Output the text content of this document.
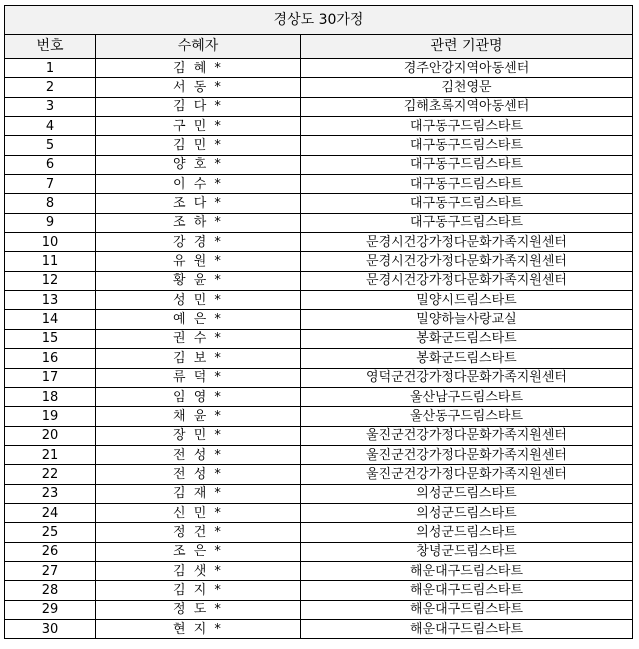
경상도 30가정		
번호	수혜자	관련 기관명
1	김 혜 *	경주안강지역아동센터
2	서 동 *	김천영문
3	김 다 *	김해초록지역아동센터
4	구 민 *	대구동구드림스타트
5	김 민 *	대구동구드림스타트
6	양 호 *	대구동구드림스타트
7	이 수 *	대구동구드림스타트
8	조 다 *	대구동구드림스타트
9	조 하 *	대구동구드림스타트
10	강 경 *	문경시건강가정다문화가족지원센터
11	유 원 *	문경시건강가정다문화가족지원센터
12	황 윤 *	문경시건강가정다문화가족지원센터
13	성 민 *	밀양시드림스타트
14	예 은 *	밀양하늘사랑교실
15	권 수 *	봉화군드림스타트
16	김 보 *	봉화군드림스타트
17	류 덕 *	영덕군건강가정다문화가족지원센터
18	임 영 *	울산남구드림스타트
19	채 윤 *	울산동구드림스타트
20	장 민 *	울진군건강가정다문화가족지원센터
21	전 성 *	울진군건강가정다문화가족지원센터
22	전 성 *	울진군건강가정다문화가족지원센터
23	김 재 *	의성군드림스타트
24	신 민 *	의성군드림스타트
25	정 건 *	의성군드림스타트
26	조 은 *	창녕군드림스타트
27	김 샛 *	해운대구드림스타트
28	김 지 *	해운대구드림스타트
29	정 도 *	해운대구드림스타트
30	현 지 *	해운대구드림스타트
